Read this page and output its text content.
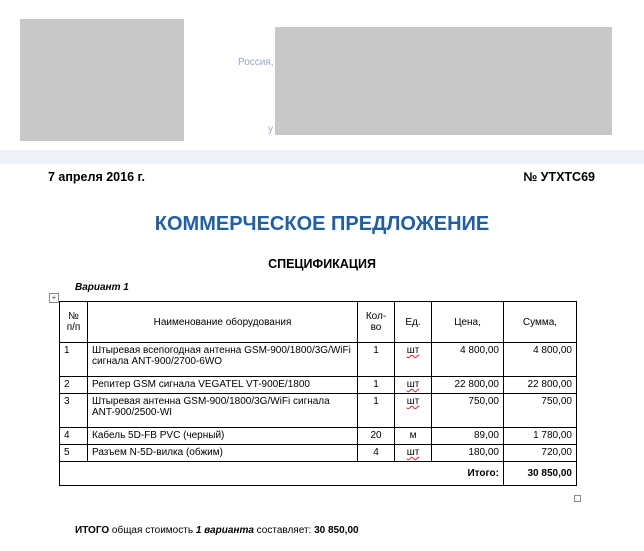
Россия,
у
7 апреля 2016 г.	№ УТХТС69
КОММЕРЧЕСКОЕ ПРЕДЛОЖЕНИЕ
СПЕЦИФИКАЦИЯ
Вариант 1
+
№ п/п	Наименование оборудования	Кол-во	Ед.	Цена,	Сумма,
1	Штыревая всепогодная антенна GSM-900/1800/3G/WiFi сигнала ANT-900/2700-6WO	1	шт	4 800,00	4 800,00
2	Репитер GSM сигнала VEGATEL VT-900E/1800	1	шт	22 800,00	22 800,00
3	Штыревая антенна GSM-900/1800/3G/WiFi сигнала ANT-900/2500-WI	1	шт	750,00	750,00
4	Кабель 5D-FB PVC (черный)	20	м	89,00	1 780,00
5	Разъем N-5D-вилка (обжим)	4	шт	180,00	720,00
Итого:					30 850,00
ИТОГО общая стоимость 1 варианта составляет: 30 850,00
